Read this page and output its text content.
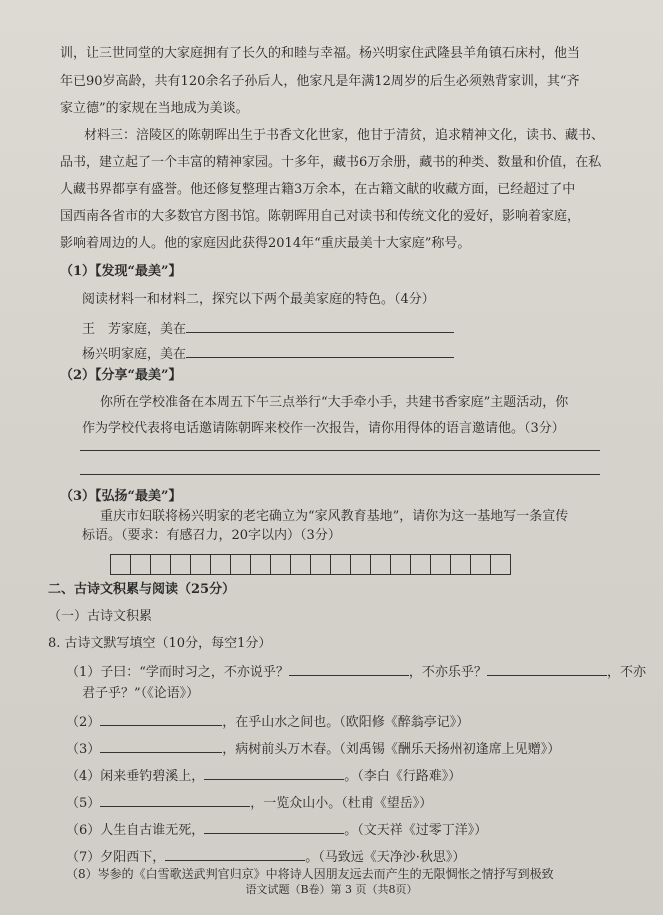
训，让三世同堂的大家庭拥有了长久的和睦与幸福。杨兴明家住武隆县羊角镇石床村，他当
年已90岁高龄，共有120余名子孙后人，他家凡是年满12周岁的后生必须熟背家训，其“齐
家立德”的家规在当地成为美谈。
材料三：涪陵区的陈朝晖出生于书香文化世家，他甘于清贫，追求精神文化，读书、藏书、
品书，建立起了一个丰富的精神家园。十多年，藏书6万余册，藏书的种类、数量和价值，在私
人藏书界都享有盛誉。他还修复整理古籍3万余本，在古籍文献的收藏方面，已经超过了中
国西南各省市的大多数官方图书馆。陈朝晖用自己对读书和传统文化的爱好，影响着家庭，
影响着周边的人。他的家庭因此获得2014年“重庆最美十大家庭”称号。
（1）【发现“最美”】
阅读材料一和材料二，探究以下两个最美家庭的特色。（4分）
王　芳家庭，美在
杨兴明家庭，美在
（2）【分享“最美”】
你所在学校准备在本周五下午三点举行“大手牵小手，共建书香家庭”主题活动，你
作为学校代表将电话邀请陈朝晖来校作一次报告，请你用得体的语言邀请他。（3分）
（3）【弘扬“最美”】
重庆市妇联将杨兴明家的老宅确立为“家风教育基地”，请你为这一基地写一条宣传
标语。（要求：有感召力，20字以内）（3分）
二、古诗文积累与阅读（25分）
（一）古诗文积累
8. 古诗文默写填空（10分，每空1分）
（1）子曰：“学而时习之，不亦说乎？	，不亦乐乎？	，不亦
君子乎？”（《论语》）
（2）	，在乎山水之间也。（欧阳修《醉翁亭记》）
（3）	，病树前头万木春。（刘禹锡《酬乐天扬州初逢席上见赠》）
（4）闲来垂钓碧溪上，	。（李白《行路难》）
（5）	，一览众山小。（杜甫《望岳》）
（6）人生自古谁无死，	。（文天祥《过零丁洋》）
（7）夕阳西下，	。（马致远《天净沙·秋思》）
（8）岑参的《白雪歌送武判官归京》中将诗人因朋友远去而产生的无限惆怅之情抒写到极致
语文试题（B卷）第 3 页（共8页）
